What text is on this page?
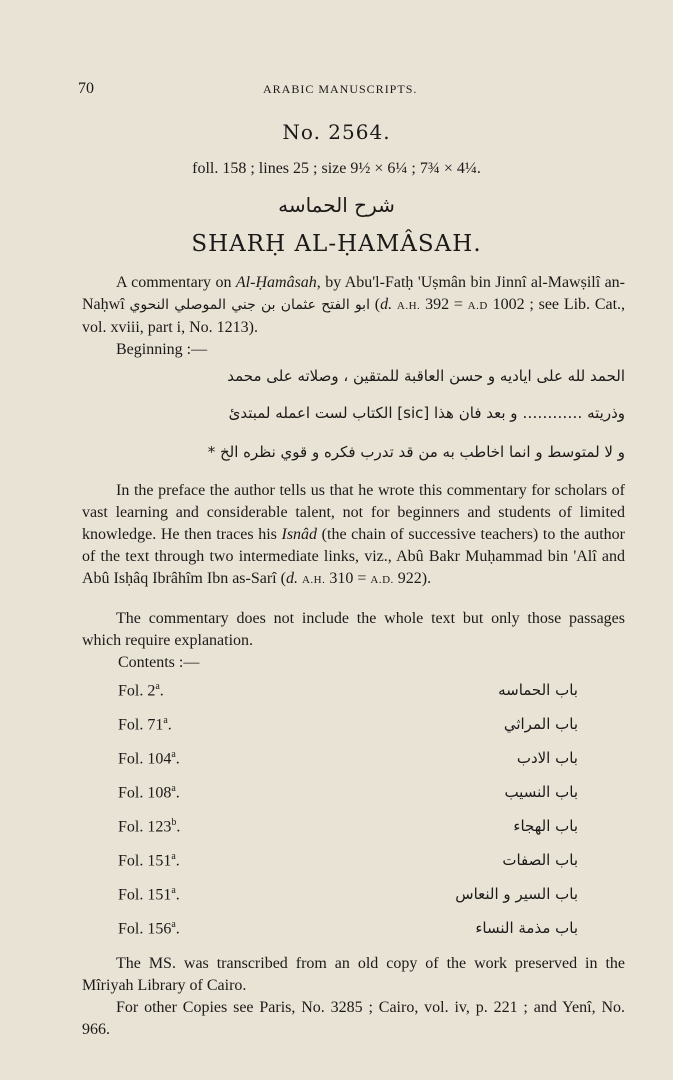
70	ARABIC MANUSCRIPTS.
No. 2564.
foll. 158 ; lines 25 ; size 9½ × 6¼ ; 7¾ × 4¼.
شرح الحماسه
SHARḤ AL-ḤAMÂSAH.
A commentary on Al-Ḥamâsah, by Abu'l-Fatḥ 'Uṣmân bin Jinnî al-Mawṣilî an-Naḥwî ابو الفتح عثمان بن جني الموصلي النحوي (d. A.H. 392 = A.D 1002 ; see Lib. Cat., vol. xviii, part i, No. 1213).
Beginning :—
الحمد لله على ايادیه و حسن العاقبة للمتقين ، وصلاته على محمد
وذريته ………… و بعد فان هذا [sic] الكتاب لست اعمله لمبتدئ
و لا لمتوسط و انما اخاطب به من قد تدرب فكره و قوي نظره الخ *
In the preface the author tells us that he wrote this commentary for scholars of vast learning and considerable talent, not for beginners and students of limited knowledge. He then traces his Isnâd (the chain of successive teachers) to the author of the text through two intermediate links, viz., Abû Bakr Muḥammad bin 'Alî and Abû Isḥâq Ibrâhîm Ibn as-Sarî (d. A.H. 310 = A.D. 922).
The commentary does not include the whole text but only those passages which require explanation.
Contents :—
Fol. 2$^a$.	باب الحماسه
Fol. 71$^a$.	باب المراثي
Fol. 104$^a$.	باب الادب
Fol. 108$^a$.	باب النسيب
Fol. 123$^b$.	باب الهجاء
Fol. 151$^a$.	باب الصفات
Fol. 151$^a$.	باب السير و النعاس
Fol. 156$^a$.	باب مذمة النساء
The MS. was transcribed from an old copy of the work preserved in the Mîriyah Library of Cairo.
For other Copies see Paris, No. 3285 ; Cairo, vol. iv, p. 221 ; and Yenî, No. 966.
